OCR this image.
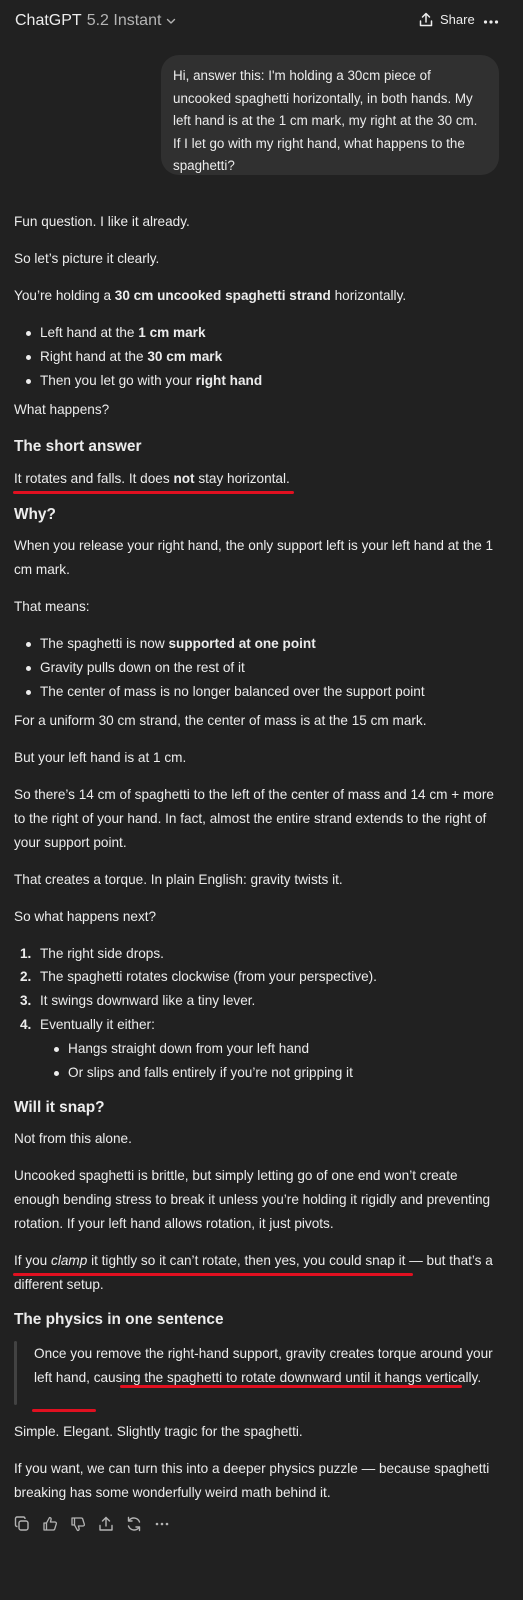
ChatGPT 5.2 Instant	Share

Hi, answer this: I'm holding a 30cm piece of uncooked spaghetti horizontally, in both hands. My left hand is at the 1 cm mark, my right at the 30 cm. If I let go with my right hand, what happens to the spaghetti?

Fun question. I like it already.

So let’s picture it clearly.

You’re holding a 30 cm uncooked spaghetti strand horizontally.

Left hand at the 1 cm mark

Right hand at the 30 cm mark

Then you let go with your right hand

What happens?

The short answer

It rotates and falls. It does not stay horizontal.

Why?

When you release your right hand, the only support left is your left hand at the 1 cm mark.

That means:

The spaghetti is now supported at one point

Gravity pulls down on the rest of it

The center of mass is no longer balanced over the support point

For a uniform 30 cm strand, the center of mass is at the 15 cm mark.

But your left hand is at 1 cm.

So there’s 14 cm of spaghetti to the left of the center of mass and 14 cm + more to the right of your hand. In fact, almost the entire strand extends to the right of your support point.

That creates a torque. In plain English: gravity twists it.

So what happens next?

1. The right side drops.

2. The spaghetti rotates clockwise (from your perspective).

3. It swings downward like a tiny lever.

4. Eventually it either:

Hangs straight down from your left hand

Or slips and falls entirely if you’re not gripping it

Will it snap?

Not from this alone.

Uncooked spaghetti is brittle, but simply letting go of one end won’t create enough bending stress to break it unless you’re holding it rigidly and preventing rotation. If your left hand allows rotation, it just pivots.

If you clamp it tightly so it can’t rotate, then yes, you could snap it — but that’s a different setup.

The physics in one sentence

Once you remove the right-hand support, gravity creates torque around your left hand, causing the spaghetti to rotate downward until it hangs vertically.

Simple. Elegant. Slightly tragic for the spaghetti.

If you want, we can turn this into a deeper physics puzzle — because spaghetti breaking has some wonderfully weird math behind it.
